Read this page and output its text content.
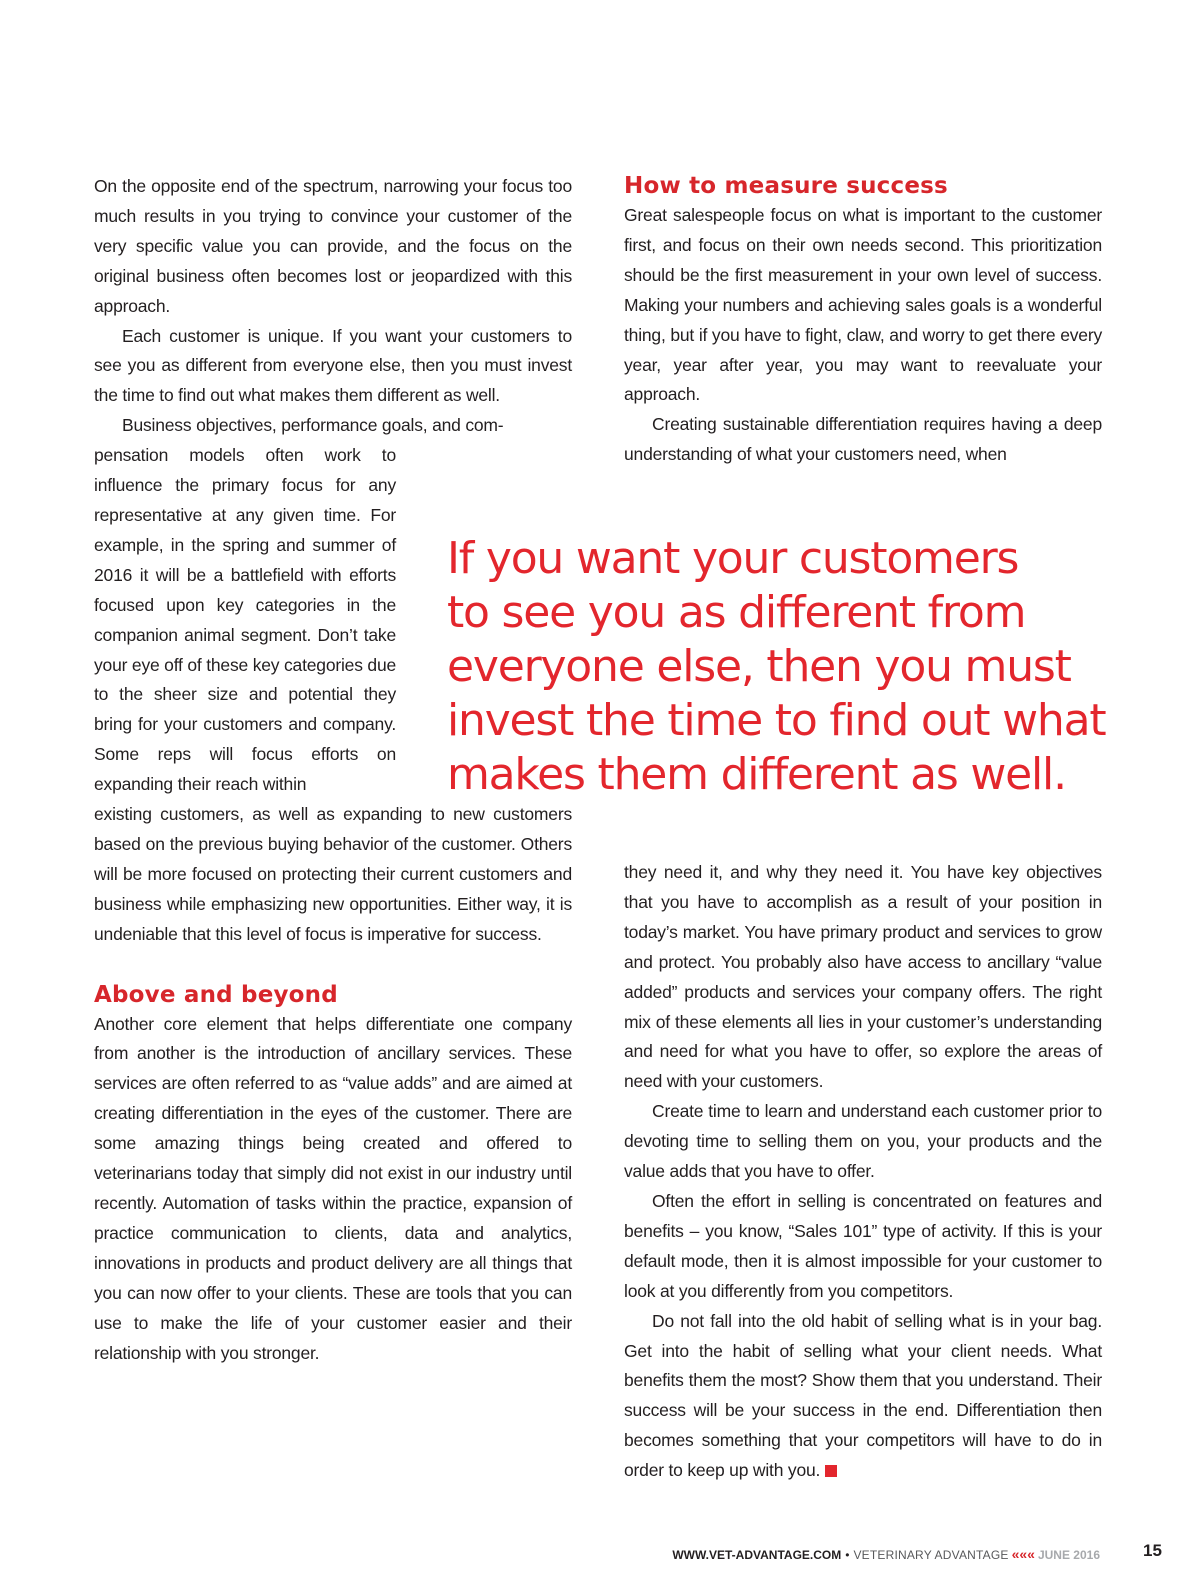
On the opposite end of the spectrum, narrowing your focus too much results in you trying to convince your customer of the very specific value you can provide, and the focus on the original business often becomes lost or jeopardized with this approach.

Each customer is unique. If you want your customers to see you as different from everyone else, then you must invest the time to find out what makes them different as well.

Business objectives, performance goals, and com-

pensation models often work to influence the primary focus for any representative at any given time. For example, in the spring and summer of 2016 it will be a battlefield with efforts focused upon key categories in the companion animal segment. Don’t take your eye off of these key categories due to the sheer size and potential they bring for your customers and company. Some reps will focus efforts on expanding their reach within

existing customers, as well as expanding to new customers based on the previous buying behavior of the customer. Others will be more focused on protecting their current customers and business while emphasizing new opportunities. Either way, it is undeniable that this level of focus is imperative for success.

Above and beyond

Another core element that helps differentiate one company from another is the introduction of ancillary services. These services are often referred to as “value adds” and are aimed at creating differentiation in the eyes of the customer. There are some amazing things being created and offered to veterinarians today that simply did not exist in our industry until recently. Automation of tasks within the practice, expansion of practice communication to clients, data and analytics, innovations in products and product delivery are all things that you can now offer to your clients. These are tools that you can use to make the life of your customer easier and their relationship with you stronger.

How to measure success

Great salespeople focus on what is important to the customer first, and focus on their own needs second. This prioritization should be the first measurement in your own level of success. Making your numbers and achieving sales goals is a wonderful thing, but if you have to fight, claw, and worry to get there every year, year after year, you may want to reevaluate your approach.

Creating sustainable differentiation requires having a deep understanding of what your customers need, when

If you want your customers
to see you as different from
everyone else, then you must
invest the time to find out what
makes them different as well.

they need it, and why they need it. You have key objectives that you have to accomplish as a result of your position in today’s market. You have primary product and services to grow and protect. You probably also have access to ancillary “value added” products and services your company offers. The right mix of these elements all lies in your customer’s understanding and need for what you have to offer, so explore the areas of need with your customers.

Create time to learn and understand each customer prior to devoting time to selling them on you, your products and the value adds that you have to offer.

Often the effort in selling is concentrated on features and benefits – you know, “Sales 101” type of activity. If this is your default mode, then it is almost impossible for your customer to look at you differently from you competitors.

Do not fall into the old habit of selling what is in your bag. Get into the habit of selling what your client needs. What benefits them the most? Show them that you understand. Their success will be your success in the end. Differentiation then becomes something that your competitors will have to do in order to keep up with you.

WWW.VET-ADVANTAGE.COM • VETERINARY ADVANTAGE ««« JUNE 2016	15
